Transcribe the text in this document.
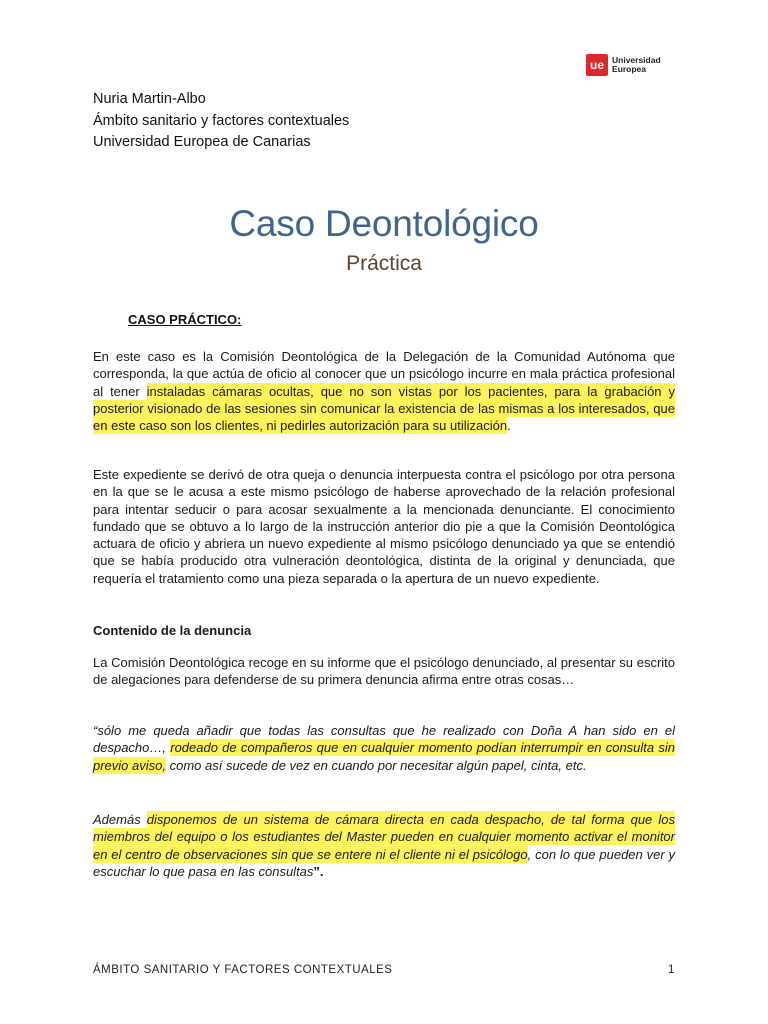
ue Universidad
Europea
Nuria Martin-Albo
Ámbito sanitario y factores contextuales
Universidad Europea de Canarias
Caso Deontológico
Práctica
CASO PRÁCTICO:
En este caso es la Comisión Deontológica de la Delegación de la Comunidad Autónoma que corresponda, la que actúa de oficio al conocer que un psicólogo incurre en mala práctica profesional al tener instaladas cámaras ocultas, que no son vistas por los pacientes, para la grabación y posterior visionado de las sesiones sin comunicar la existencia de las mismas a los interesados, que en este caso son los clientes, ni pedirles autorización para su utilización.
Este expediente se derivó de otra queja o denuncia interpuesta contra el psicólogo por otra persona en la que se le acusa a este mismo psicólogo de haberse aprovechado de la relación profesional para intentar seducir o para acosar sexualmente a la mencionada denunciante. El conocimiento fundado que se obtuvo a lo largo de la instrucción anterior dio pie a que la Comisión Deontológica actuara de oficio y abriera un nuevo expediente al mismo psicólogo denunciado ya que se entendió que se había producido otra vulneración deontológica, distinta de la original y denunciada, que requería el tratamiento como una pieza separada o la apertura de un nuevo expediente.
Contenido de la denuncia
La Comisión Deontológica recoge en su informe que el psicólogo denunciado, al presentar su escrito de alegaciones para defenderse de su primera denuncia afirma entre otras cosas…
“sólo me queda añadir que todas las consultas que he realizado con Doña A han sido en el despacho…, rodeado de compañeros que en cualquier momento podían interrumpir en consulta sin previo aviso, como así sucede de vez en cuando por necesitar algún papel, cinta, etc.
Además disponemos de un sistema de cámara directa en cada despacho, de tal forma que los miembros del equipo o los estudiantes del Master pueden en cualquier momento activar el monitor en el centro de observaciones sin que se entere ni el cliente ni el psicólogo, con lo que pueden ver y escuchar lo que pasa en las consultas”.
ÁMBITO SANITARIO Y FACTORES CONTEXTUALES	1
